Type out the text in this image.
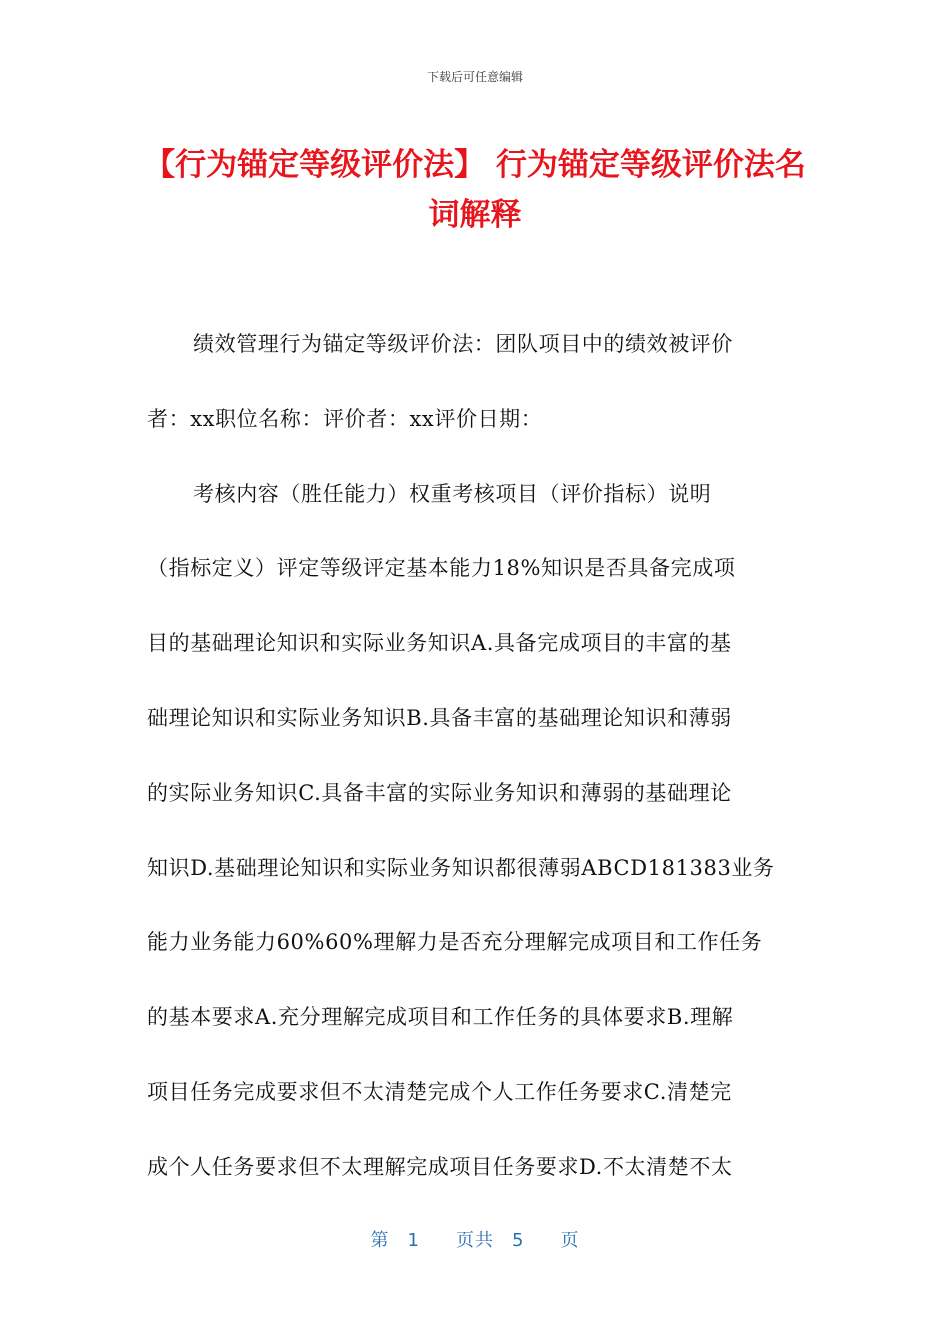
下载后可任意编辑
【行为锚定等级评价法】 行为锚定等级评价法名词解释
绩效管理行为锚定等级评价法：团队项目中的绩效被评价
者：xx职位名称：评价者：xx评价日期：
考核内容（胜任能力）权重考核项目（评价指标）说明
（指标定义）评定等级评定基本能力18%知识是否具备完成项
目的基础理论知识和实际业务知识A.具备完成项目的丰富的基
础理论知识和实际业务知识B.具备丰富的基础理论知识和薄弱
的实际业务知识C.具备丰富的实际业务知识和薄弱的基础理论
知识D.基础理论知识和实际业务知识都很薄弱ABCD181383业务
能力业务能力60%60%理解力是否充分理解完成项目和工作任务
的基本要求A.充分理解完成项目和工作任务的具体要求B.理解
项目任务完成要求但不太清楚完成个人工作任务要求C.清楚完
成个人任务要求但不太理解完成项目任务要求D.不太清楚不太
第 1 页共 5 页
